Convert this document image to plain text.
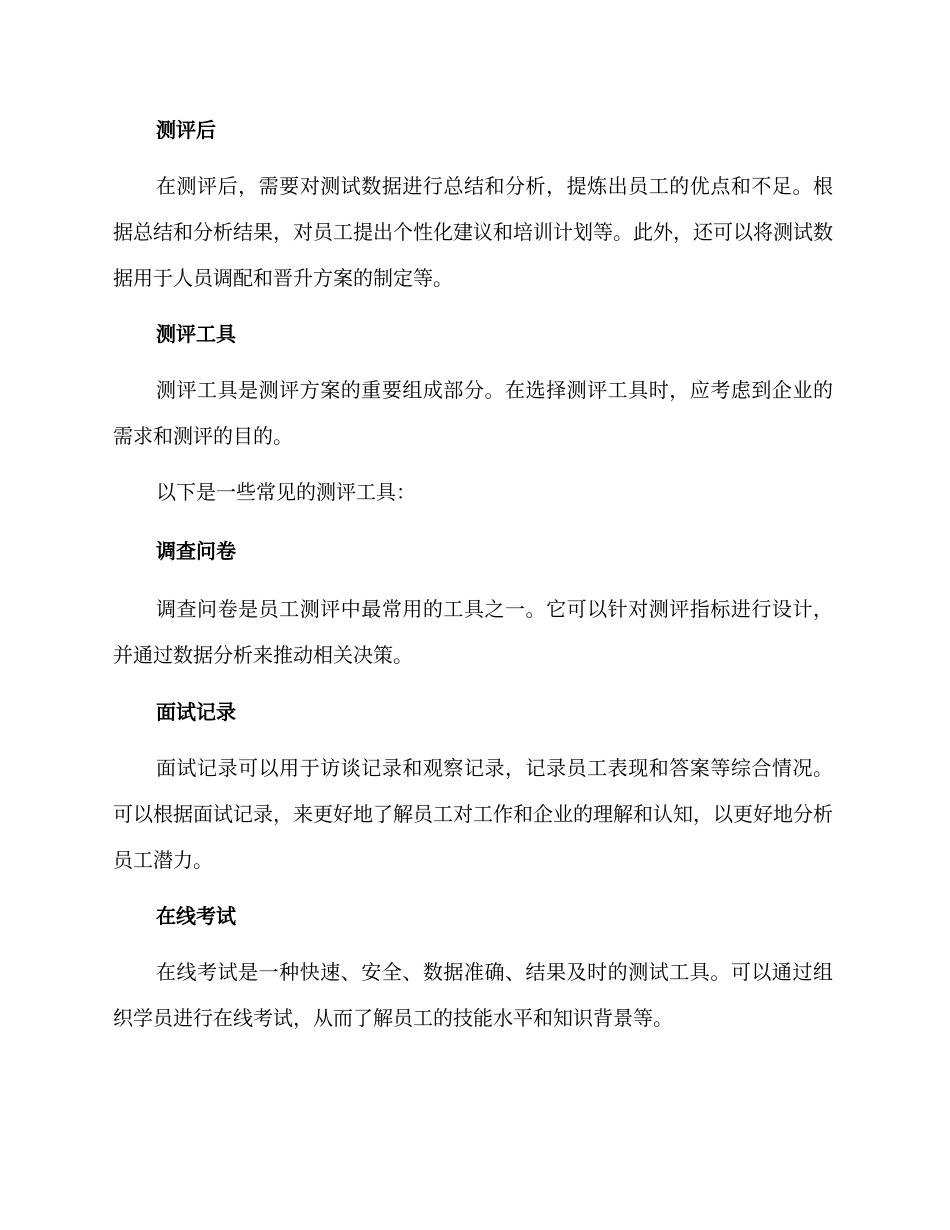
测评后

在测评后，需要对测试数据进行总结和分析，提炼出员工的优点和不足。根据总结和分析结果，对员工提出个性化建议和培训计划等。此外，还可以将测试数据用于人员调配和晋升方案的制定等。

测评工具

测评工具是测评方案的重要组成部分。在选择测评工具时，应考虑到企业的需求和测评的目的。

以下是一些常见的测评工具：

调查问卷

调查问卷是员工测评中最常用的工具之一。它可以针对测评指标进行设计，并通过数据分析来推动相关决策。

面试记录

面试记录可以用于访谈记录和观察记录，记录员工表现和答案等综合情况。可以根据面试记录，来更好地了解员工对工作和企业的理解和认知，以更好地分析员工潜力。

在线考试

在线考试是一种快速、安全、数据准确、结果及时的测试工具。可以通过组织学员进行在线考试，从而了解员工的技能水平和知识背景等。
